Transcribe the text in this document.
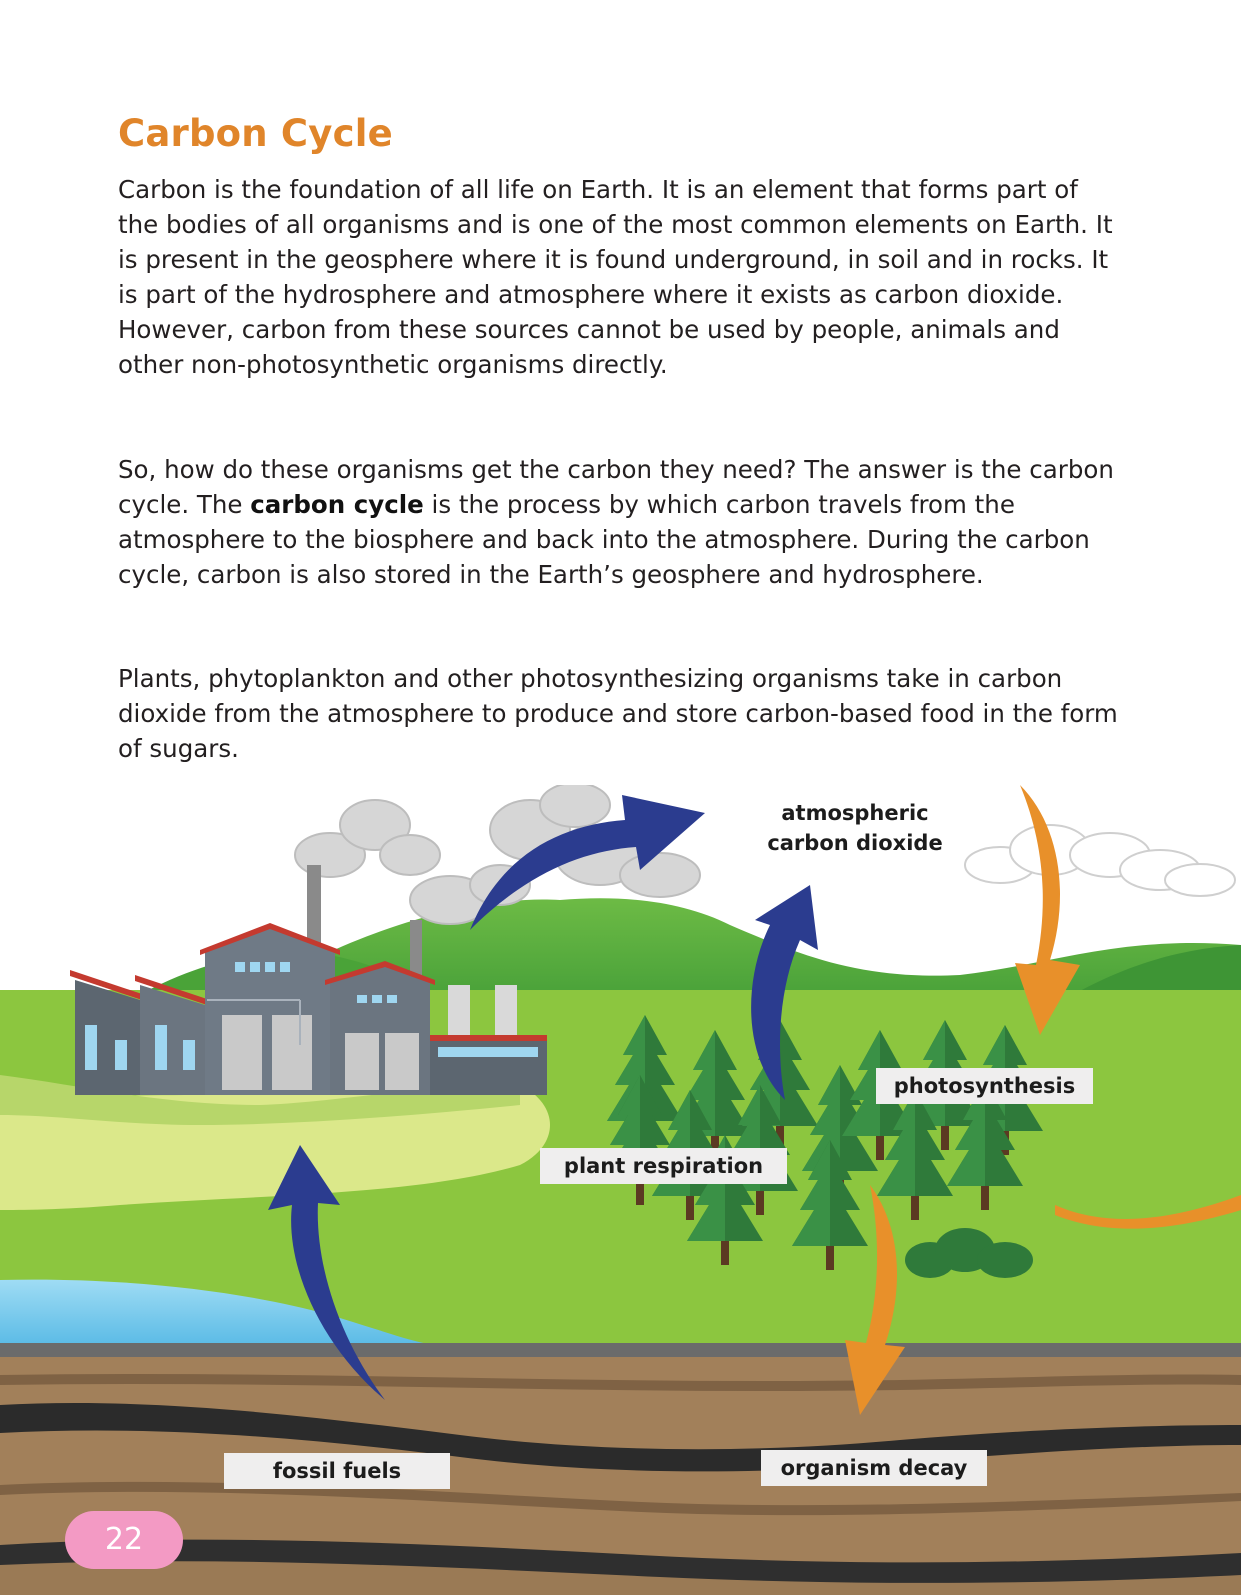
Carbon Cycle

Carbon is the foundation of all life on Earth. It is an element that forms part of the bodies of all organisms and is one of the most common elements on Earth. It is present in the geosphere where it is found underground, in soil and in rocks. It is part of the hydrosphere and atmosphere where it exists as carbon dioxide. However, carbon from these sources cannot be used by people, animals and other non-photosynthetic organisms directly.

So, how do these organisms get the carbon they need? The answer is the carbon cycle. The carbon cycle is the process by which carbon travels from the atmosphere to the biosphere and back into the atmosphere. During the carbon cycle, carbon is also stored in the Earth’s geosphere and hydrosphere.

Plants, phytoplankton and other photosynthesizing organisms take in carbon dioxide from the atmosphere to produce and store carbon-based food in the form of sugars.

atmospheric
carbon dioxide
photosynthesis
plant respiration
fossil fuels	organism decay
22
